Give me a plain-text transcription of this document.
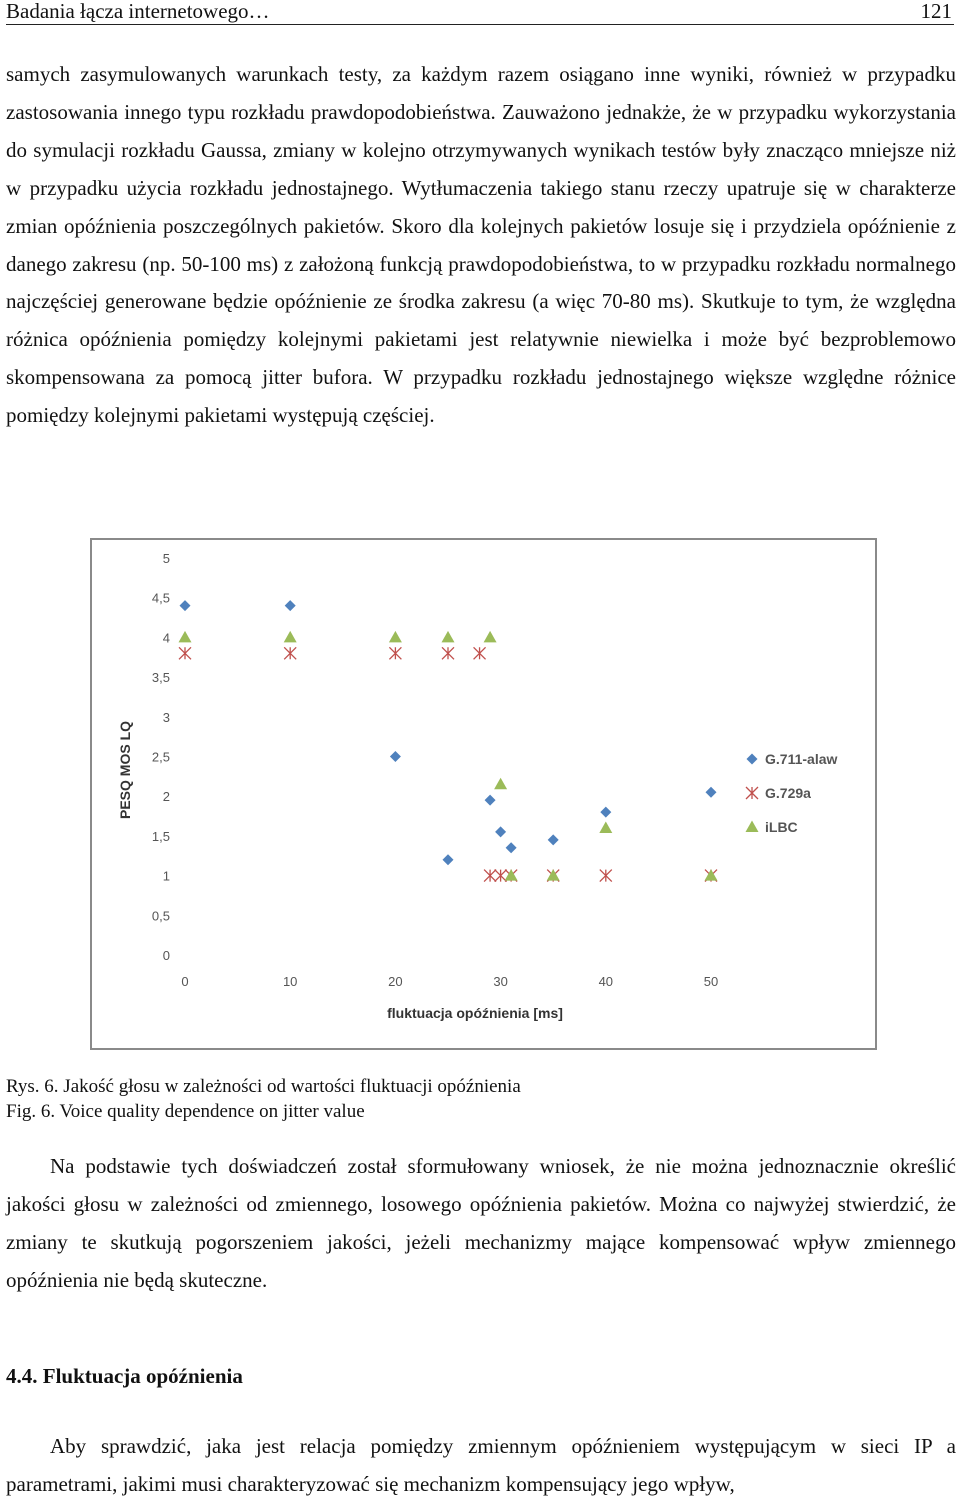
Badania łącza internetowego…	121

samych zasymulowanych warunkach testy, za każdym razem osiągano inne wyniki, również w przypadku zastosowania innego typu rozkładu prawdopodobieństwa. Zauważono jednakże, że w przypadku wykorzystania do symulacji rozkładu Gaussa, zmiany w kolejno otrzymywanych wynikach testów były znacząco mniejsze niż w przypadku użycia rozkładu jednostajnego. Wytłumaczenia takiego stanu rzeczy upatruje się w charakterze zmian opóźnienia poszczególnych pakietów. Skoro dla kolejnych pakietów losuje się i przydziela opóźnienie z danego zakresu (np. 50-100 ms) z założoną funkcją prawdopodobieństwa, to w przypadku rozkładu normalnego najczęściej generowane będzie opóźnienie ze środka zakresu (a więc 70-80 ms). Skutkuje to tym, że względna różnica opóźnienia pomiędzy kolejnymi pakietami jest relatywnie niewielka i może być bezproblemowo skompensowana za pomocą jitter bufora. W przypadku rozkładu jednostajnego większe względne różnice pomiędzy kolejnymi pakietami występują częściej.

0
0,5
1
1,5
2
2,5
3
3,5
4
4,5
5
0	10	20	30	40	50
PESQ MOS LQ
fluktuacja opóźnienia [ms]
G.711-alaw
G.729a
iLBC
Rys. 6. Jakość głosu w zależności od wartości fluktuacji opóźnienia
Fig. 6. Voice quality dependence on jitter value

Na podstawie tych doświadczeń został sformułowany wniosek, że nie można jednoznacznie określić jakości głosu w zależności od zmiennego, losowego opóźnienia pakietów. Można co najwyżej stwierdzić, że zmiany te skutkują pogorszeniem jakości, jeżeli mechanizmy mające kompensować wpływ zmiennego opóźnienia nie będą skuteczne.

4.4. Fluktuacja opóźnienia

Aby sprawdzić, jaka jest relacja pomiędzy zmiennym opóźnieniem występującym w sieci IP a parametrami, jakimi musi charakteryzować się mechanizm kompensujący jego wpływ,
